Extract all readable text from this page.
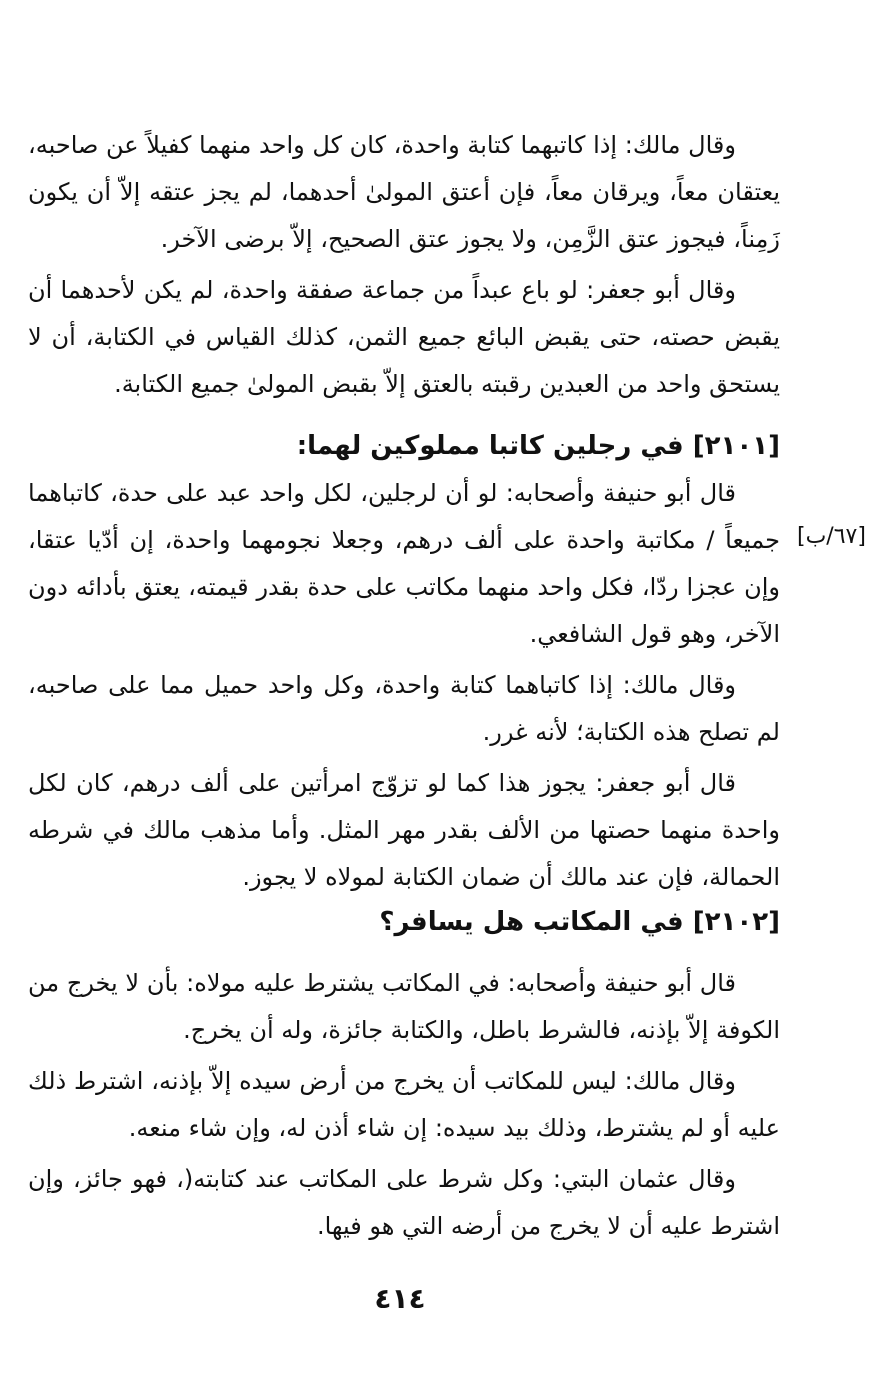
وقال مالك: إذا كاتبهما كتابة واحدة، كان كل واحد منهما كفيلاً عن صاحبه، يعتقان معاً، ويرقان معاً، فإن أعتق المولىٰ أحدهما، لم يجز عتقه إلاّ أن يكون زَمِناً، فيجوز عتق الزَّمِن، ولا يجوز عتق الصحيح، إلاّ برضى الآخر.

وقال أبو جعفر: لو باع عبداً من جماعة صفقة واحدة، لم يكن لأحدهما أن يقبض حصته، حتى يقبض البائع جميع الثمن، كذلك القياس في الكتابة، أن لا يستحق واحد من العبدين رقبته بالعتق إلاّ بقبض المولىٰ جميع الكتابة.

[٢١٠١] في رجلين كاتبا مملوكين لهما:

قال أبو حنيفة وأصحابه: لو أن لرجلين، لكل واحد عبد على حدة، كاتباهما جميعاً / مكاتبة واحدة على ألف درهم، وجعلا نجومهما واحدة، إن أدّيا عتقا، وإن عجزا ردّا، فكل واحد منهما مكاتب على حدة بقدر قيمته، يعتق بأدائه دون الآخر، وهو قول الشافعي.

وقال مالك: إذا كاتباهما كتابة واحدة، وكل واحد حميل مما على صاحبه، لم تصلح هذه الكتابة؛ لأنه غرر.

قال أبو جعفر: يجوز هذا كما لو تزوّج امرأتين على ألف درهم، كان لكل واحدة منهما حصتها من الألف بقدر مهر المثل. وأما مذهب مالك في شرطه الحمالة، فإن عند مالك أن ضمان الكتابة لمولاه لا يجوز.

[٦٧/ب]
[٢١٠٢] في المكاتب هل يسافر؟

قال أبو حنيفة وأصحابه: في المكاتب يشترط عليه مولاه: بأن لا يخرج من الكوفة إلاّ بإذنه، فالشرط باطل، والكتابة جائزة، وله أن يخرج.

وقال مالك: ليس للمكاتب أن يخرج من أرض سيده إلاّ بإذنه، اشترط ذلك عليه أو لم يشترط، وذلك بيد سيده: إن شاء أذن له، وإن شاء منعه.

وقال عثمان البتي: وكل شرط على المكاتب عند كتابته(، فهو جائز، وإن اشترط عليه أن لا يخرج من أرضه التي هو فيها.

٤١٤
